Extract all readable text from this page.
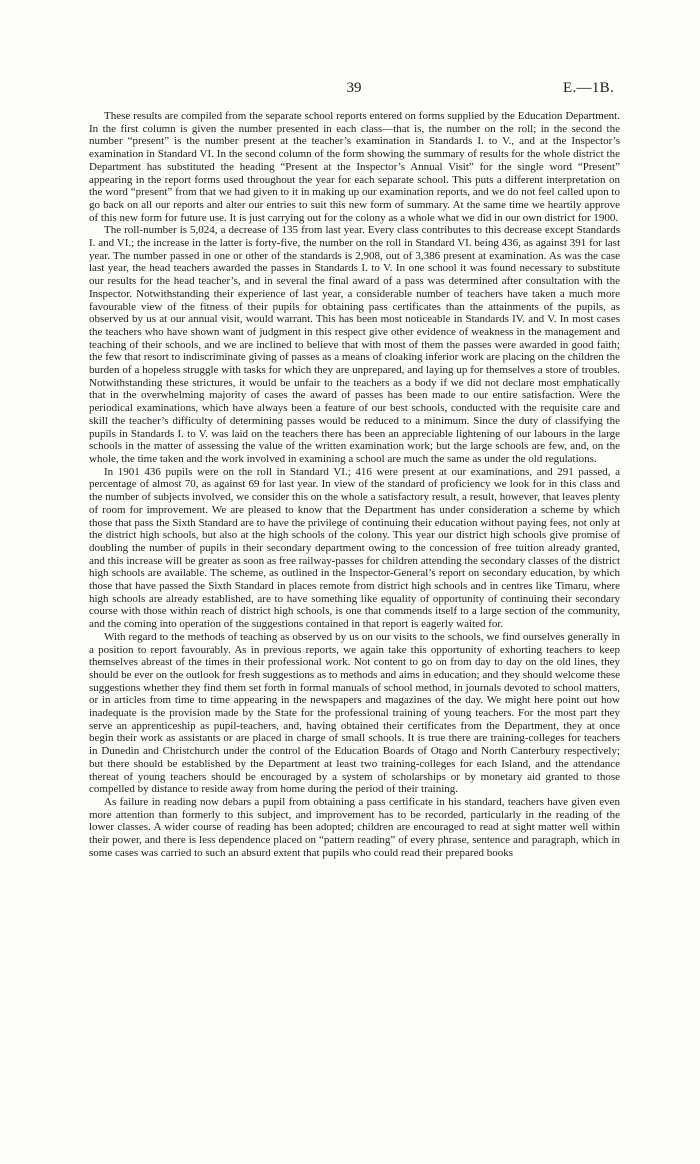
39	E.—1B.

These results are compiled from the separate school reports entered on forms supplied by the Education Department. In the first column is given the number presented in each class—that is, the number on the roll; in the second the number “present” is the number present at the teacher’s examination in Standards I. to V., and at the Inspector’s examination in Standard VI. In the second column of the form showing the summary of results for the whole district the Department has substituted the heading “Present at the Inspector’s Annual Visit” for the single word “Present” appearing in the report forms used throughout the year for each separate school. This puts a different interpretation on the word “present” from that we had given to it in making up our examination reports, and we do not feel called upon to go back on all our reports and alter our entries to suit this new form of summary. At the same time we heartily approve of this new form for future use. It is just carrying out for the colony as a whole what we did in our own district for 1900.

The roll-number is 5,024, a decrease of 135 from last year. Every class contributes to this decrease except Standards I. and VI.; the increase in the latter is forty-five, the number on the roll in Standard VI. being 436, as against 391 for last year. The number passed in one or other of the standards is 2,908, out of 3,386 present at examination. As was the case last year, the head teachers awarded the passes in Standards I. to V. In one school it was found necessary to substitute our results for the head teacher’s, and in several the final award of a pass was determined after consultation with the Inspector. Notwithstanding their experience of last year, a considerable number of teachers have taken a much more favourable view of the fitness of their pupils for obtaining pass certificates than the attainments of the pupils, as observed by us at our annual visit, would warrant. This has been most noticeable in Standards IV. and V. In most cases the teachers who have shown want of judgment in this respect give other evidence of weakness in the management and teaching of their schools, and we are inclined to believe that with most of them the passes were awarded in good faith; the few that resort to indiscriminate giving of passes as a means of cloaking inferior work are placing on the children the burden of a hopeless struggle with tasks for which they are unprepared, and laying up for themselves a store of troubles. Notwithstanding these strictures, it would be unfair to the teachers as a body if we did not declare most emphatically that in the overwhelming majority of cases the award of passes has been made to our entire satisfaction. Were the periodical examinations, which have always been a feature of our best schools, conducted with the requisite care and skill the teacher’s difficulty of determining passes would be reduced to a minimum. Since the duty of classifying the pupils in Standards I. to V. was laid on the teachers there has been an appreciable lightening of our labours in the large schools in the matter of assessing the value of the written examination work; but the large schools are few, and, on the whole, the time taken and the work involved in examining a school are much the same as under the old regulations.

In 1901 436 pupils were on the roll in Standard VI.; 416 were present at our examinations, and 291 passed, a percentage of almost 70, as against 69 for last year. In view of the standard of proficiency we look for in this class and the number of subjects involved, we consider this on the whole a satisfactory result, a result, however, that leaves plenty of room for improvement. We are pleased to know that the Department has under consideration a scheme by which those that pass the Sixth Standard are to have the privilege of continuing their education without paying fees, not only at the district high schools, but also at the high schools of the colony. This year our district high schools give promise of doubling the number of pupils in their secondary department owing to the concession of free tuition already granted, and this increase will be greater as soon as free railway-passes for children attending the secondary classes of the district high schools are available. The scheme, as outlined in the Inspector-General’s report on secondary education, by which those that have passed the Sixth Standard in places remote from district high schools and in centres like Timaru, where high schools are already established, are to have something like equality of opportunity of continuing their secondary course with those within reach of district high schools, is one that commends itself to a large section of the community, and the coming into operation of the suggestions contained in that report is eagerly waited for.

With regard to the methods of teaching as observed by us on our visits to the schools, we find ourselves generally in a position to report favourably. As in previous reports, we again take this opportunity of exhorting teachers to keep themselves abreast of the times in their professional work. Not content to go on from day to day on the old lines, they should be ever on the outlook for fresh suggestions as to methods and aims in education; and they should welcome these suggestions whether they find them set forth in formal manuals of school method, in journals devoted to school matters, or in articles from time to time appearing in the newspapers and magazines of the day. We might here point out how inadequate is the provision made by the State for the professional training of young teachers. For the most part they serve an apprenticeship as pupil-teachers, and, having obtained their certificates from the Department, they at once begin their work as assistants or are placed in charge of small schools. It is true there are training-colleges for teachers in Dunedin and Christchurch under the control of the Education Boards of Otago and North Canterbury respectively; but there should be established by the Department at least two training-colleges for each Island, and the attendance thereat of young teachers should be encouraged by a system of scholarships or by monetary aid granted to those compelled by distance to reside away from home during the period of their training.

As failure in reading now debars a pupil from obtaining a pass certificate in his standard, teachers have given even more attention than formerly to this subject, and improvement has to be recorded, particularly in the reading of the lower classes. A wider course of reading has been adopted; children are encouraged to read at sight matter well within their power, and there is less dependence placed on “pattern reading” of every phrase, sentence and paragraph, which in some cases was carried to such an absurd extent that pupils who could read their prepared books
